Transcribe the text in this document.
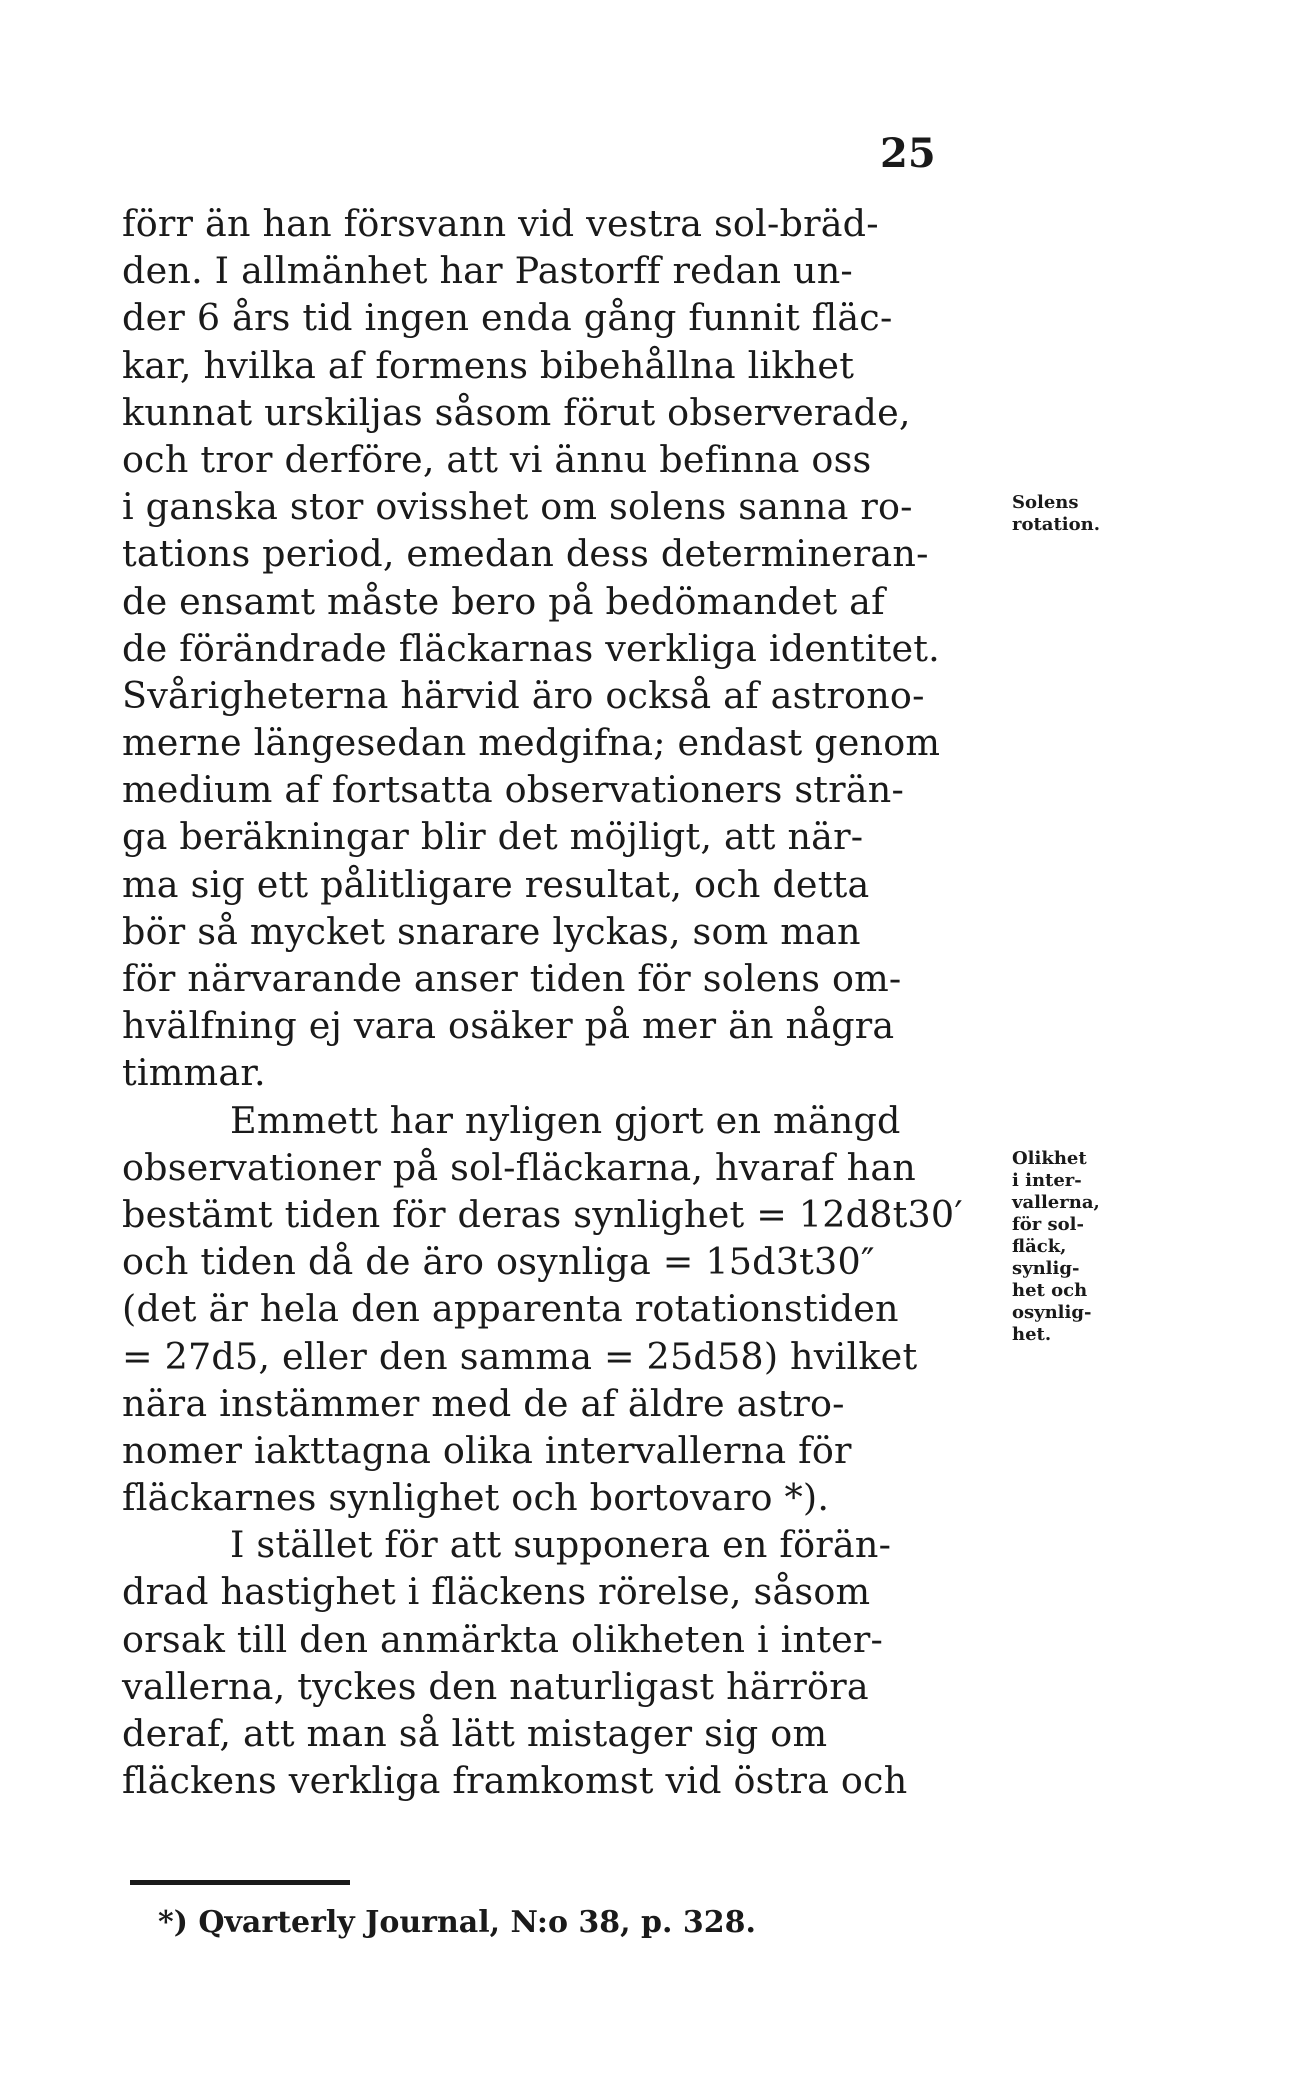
25
förr än han försvann vid vestra sol-bräd-
den. I allmänhet har Pastorff redan un-
der 6 års tid ingen enda gång funnit fläc-
kar, hvilka af formens bibehållna likhet
kunnat urskiljas såsom förut observerade,
och tror derföre, att vi ännu befinna oss
i ganska stor ovisshet om solens sanna ro-
tations period, emedan dess determineran-
de ensamt måste bero på bedömandet af
de förändrade fläckarnas verkliga identitet.
Svårigheterna härvid äro också af astrono-
merne längesedan medgifna; endast genom
medium af fortsatta observationers strän-
ga beräkningar blir det möjligt, att när-
ma sig ett pålitligare resultat, och detta
bör så mycket snarare lyckas, som man
för närvarande anser tiden för solens om-
hvälfning ej vara osäker på mer än några
timmar.
Emmett har nyligen gjort en mängd
observationer på sol-fläckarna, hvaraf han
bestämt tiden för deras synlighet = 12d8t30′
och tiden då de äro osynliga = 15d3t30″
(det är hela den apparenta rotationstiden
= 27d5, eller den samma = 25d58) hvilket
nära instämmer med de af äldre astro-
nomer iakttagna olika intervallerna för
fläckarnes synlighet och bortovaro *).
I stället för att supponera en förän-
drad hastighet i fläckens rörelse, såsom
orsak till den anmärkta olikheten i inter-
vallerna, tyckes den naturligast härröra
deraf, att man så lätt mistager sig om
fläckens verkliga framkomst vid östra och
Solens
rotation.
Olikhet
i inter-
vallerna,
för sol-
fläck,
synlig-
het och
osynlig-
het.
*) Qvarterly Journal, N:o 38, p. 328.
